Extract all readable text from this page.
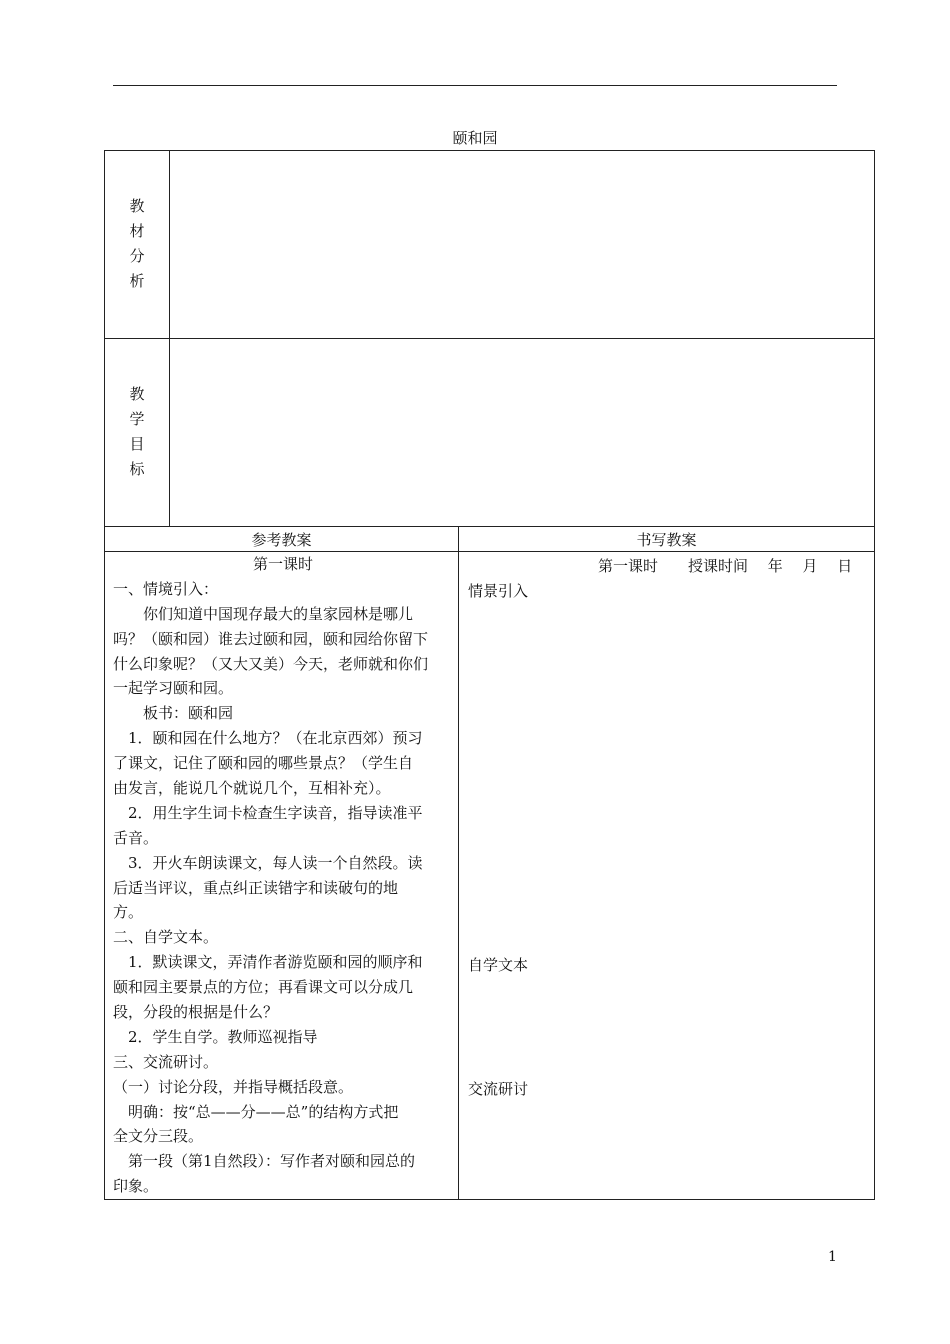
颐和园
教
材
分
析
教
学
目
标
参考教案	书写教案
第一课时
一、情境引入：
　　你们知道中国现存最大的皇家园林是哪儿
吗？（颐和园）谁去过颐和园，颐和园给你留下
什么印象呢？（又大又美）今天，老师就和你们
一起学习颐和园。
　　板书：颐和园
　1．颐和园在什么地方？（在北京西郊）预习
了课文，记住了颐和园的哪些景点？（学生自
由发言，能说几个就说几个，互相补充）。
　2．用生字生词卡检查生字读音，指导读准平
舌音。
　3．开火车朗读课文，每人读一个自然段。读
后适当评议，重点纠正读错字和读破句的地
方。
二、自学文本。
　1．默读课文，弄清作者游览颐和园的顺序和
颐和园主要景点的方位；再看课文可以分成几
段，分段的根据是什么？
　2．学生自学。教师巡视指导
三、交流研讨。
（一）讨论分段，并指导概括段意。
　明确：按“总——分——总”的结构方式把
全文分三段。
　第一段（第1自然段）：写作者对颐和园总的
印象。
第一课时　　授课时间　 年　 月　 日
情景引入
自学文本
交流研讨
1
